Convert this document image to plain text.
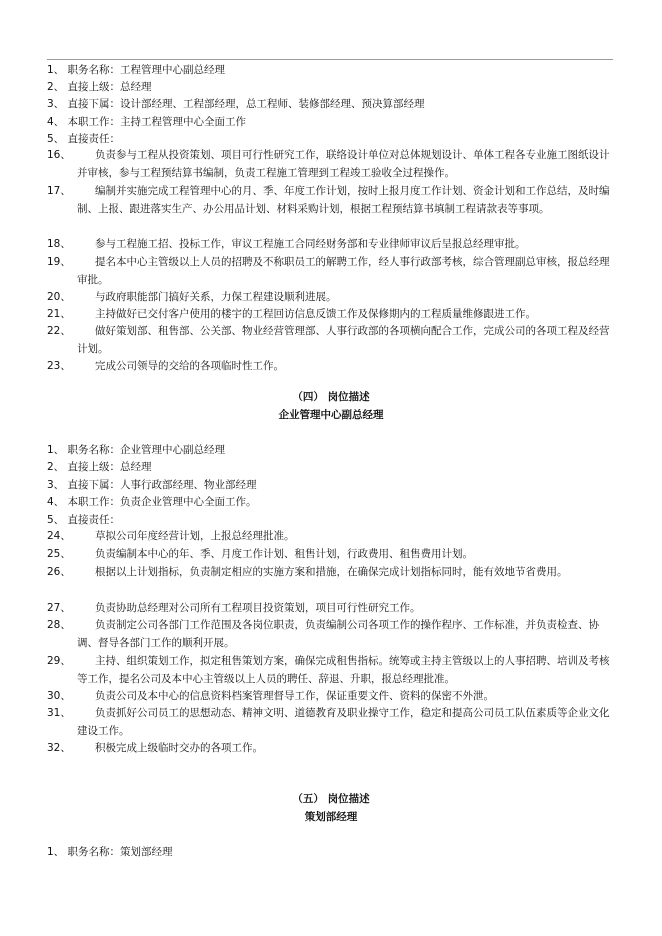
1、 职务名称：工程管理中心副总经理
2、 直接上级：总经理
3、 直接下属：设计部经理、工程部经理，总工程师、装修部经理、预决算部经理
4、 本职工作：主持工程管理中心全面工作
5、 直接责任：
16、	负责参与工程从投资策划、项目可行性研究工作，联络设计单位对总体规划设计、单体工程各专业施工图纸设计并审核，参与工程预结算书编制，负责工程施工管理到工程竣工验收全过程操作。
17、	编制并实施完成工程管理中心的月、季、年度工作计划，按时上报月度工作计划、资金计划和工作总结，及时编制、上报、跟进落实生产、办公用品计划、材料采购计划，根据工程预结算书填制工程请款表等事项。
18、	参与工程施工招、投标工作，审议工程施工合同经财务部和专业律师审议后呈报总经理审批。
19、	提名本中心主管级以上人员的招聘及不称职员工的解聘工作，经人事行政部考核，综合管理副总审核，报总经理审批。
20、	与政府职能部门搞好关系，力保工程建设顺利进展。
21、	主持做好已交付客户使用的楼宇的工程回访信息反馈工作及保修期内的工程质量维修跟进工作。
22、	做好策划部、租售部、公关部、物业经营管理部、人事行政部的各项横向配合工作，完成公司的各项工程及经营计划。
23、	完成公司领导的交给的各项临时性工作。
（四） 岗位描述
企业管理中心副总经理
1、 职务名称：企业管理中心副总经理
2、 直接上级：总经理
3、 直接下属：人事行政部经理、物业部经理
4、 本职工作：负责企业管理中心全面工作。
5、 直接责任：
24、	草拟公司年度经营计划，上报总经理批准。
25、	负责编制本中心的年、季、月度工作计划、租售计划，行政费用、租售费用计划。
26、	根据以上计划指标，负责制定相应的实施方案和措施，在确保完成计划指标同时，能有效地节省费用。
27、	负责协助总经理对公司所有工程项目投资策划，项目可行性研究工作。
28、	负责制定公司各部门工作范围及各岗位职责，负责编制公司各项工作的操作程序、工作标准，并负责检查、协调、督导各部门工作的顺利开展。
29、	主持、组织策划工作，拟定租售策划方案，确保完成租售指标。统筹或主持主管级以上的人事招聘、培训及考核等工作，提名公司及本中心主管级以上人员的聘任、辞退、升职，报总经理批准。
30、	负责公司及本中心的信息资料档案管理督导工作，保证重要文件、资料的保密不外泄。
31、	负责抓好公司员工的思想动态、精神文明、道德教育及职业操守工作，稳定和提高公司员工队伍素质等企业文化建设工作。
32、	积极完成上级临时交办的各项工作。
（五） 岗位描述
策划部经理
1、 职务名称：策划部经理
